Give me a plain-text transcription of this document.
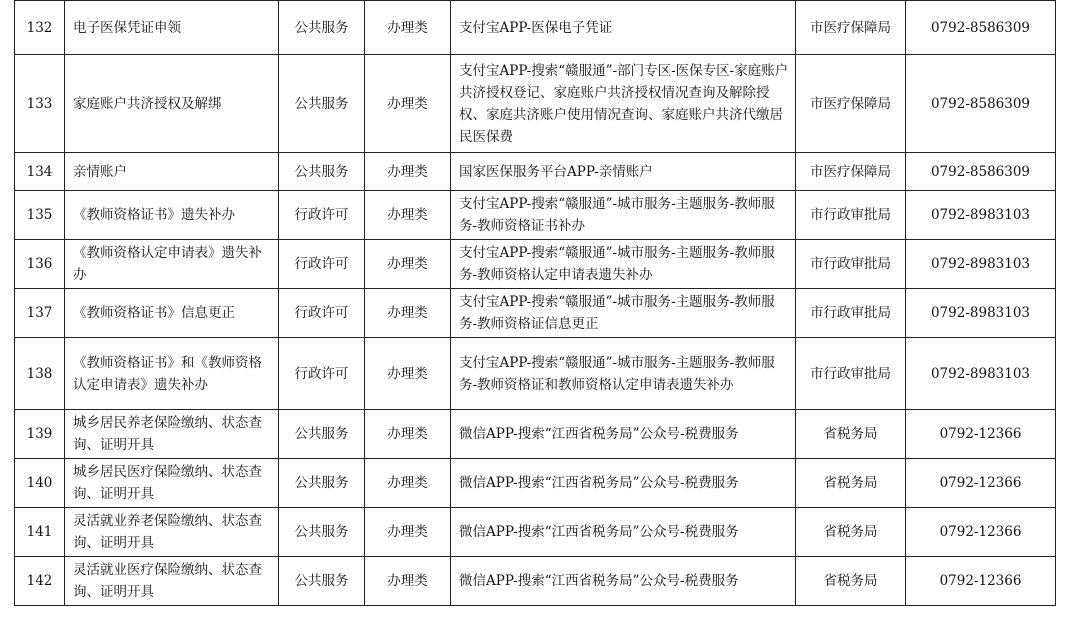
132	电子医保凭证申领	公共服务	办理类	支付宝APP-医保电子凭证	市医疗保障局	0792-8586309
133	家庭账户共济授权及解绑	公共服务	办理类	支付宝APP-搜索“赣服通”-部门专区-医保专区-家庭账户共济授权登记、家庭账户共济授权情况查询及解除授权、家庭共济账户使用情况查询、家庭账户共济代缴居民医保费	市医疗保障局	0792-8586309
134	亲情账户	公共服务	办理类	国家医保服务平台APP-亲情账户	市医疗保障局	0792-8586309
135	《教师资格证书》遗失补办	行政许可	办理类	支付宝APP-搜索“赣服通”-城市服务-主题服务-教师服务-教师资格证书补办	市行政审批局	0792-8983103
136	《教师资格认定申请表》遗失补办	行政许可	办理类	支付宝APP-搜索“赣服通”-城市服务-主题服务-教师服务-教师资格认定申请表遗失补办	市行政审批局	0792-8983103
137	《教师资格证书》信息更正	行政许可	办理类	支付宝APP-搜索“赣服通”-城市服务-主题服务-教师服务-教师资格证信息更正	市行政审批局	0792-8983103
138	《教师资格证书》和《教师资格认定申请表》遗失补办	行政许可	办理类	支付宝APP-搜索“赣服通”-城市服务-主题服务-教师服务-教师资格证和教师资格认定申请表遗失补办	市行政审批局	0792-8983103
139	城乡居民养老保险缴纳、状态查询、证明开具	公共服务	办理类	微信APP-搜索“江西省税务局”公众号-税费服务	省税务局	0792-12366
140	城乡居民医疗保险缴纳、状态查询、证明开具	公共服务	办理类	微信APP-搜索“江西省税务局”公众号-税费服务	省税务局	0792-12366
141	灵活就业养老保险缴纳、状态查询、证明开具	公共服务	办理类	微信APP-搜索“江西省税务局”公众号-税费服务	省税务局	0792-12366
142	灵活就业医疗保险缴纳、状态查询、证明开具	公共服务	办理类	微信APP-搜索“江西省税务局”公众号-税费服务	省税务局	0792-12366
